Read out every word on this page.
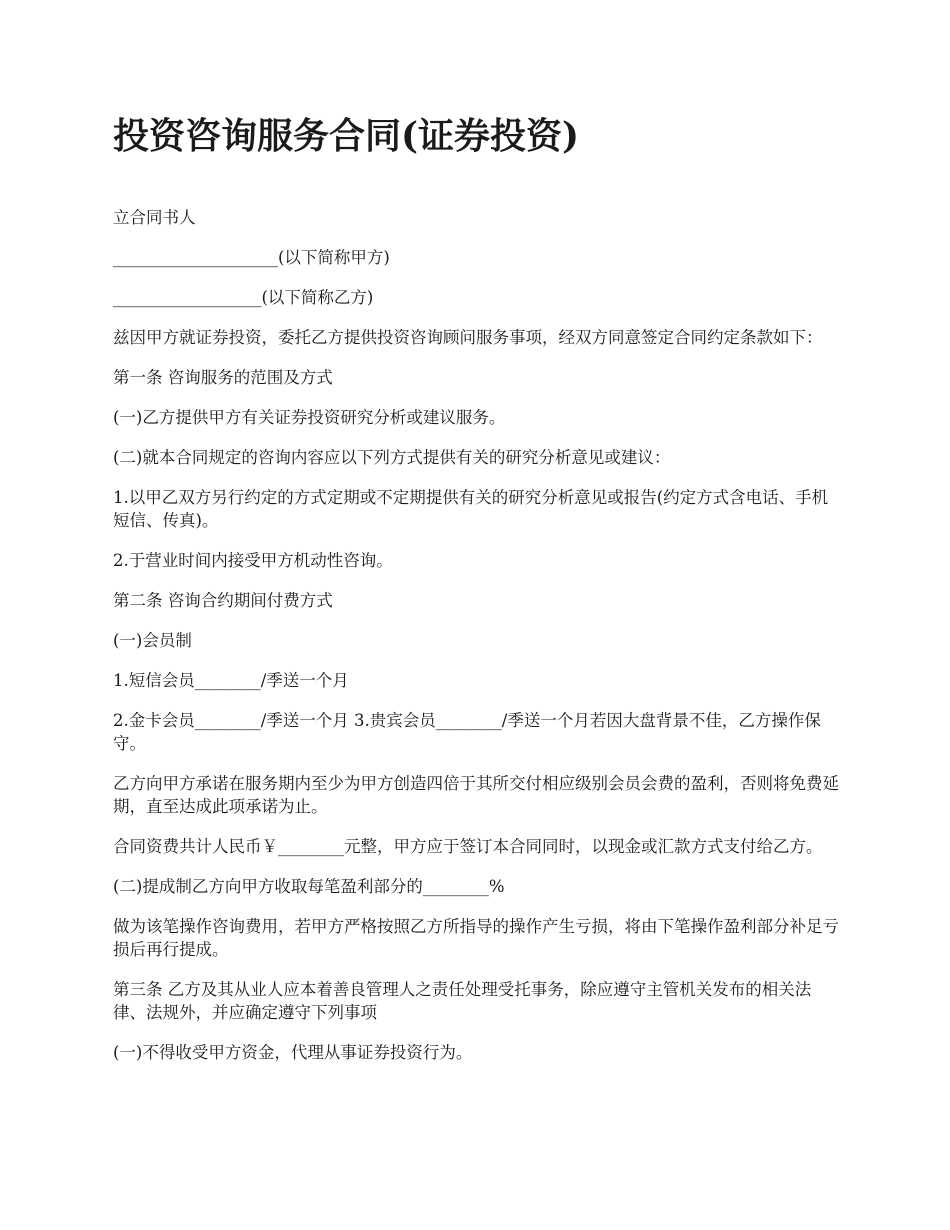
投资咨询服务合同(证券投资)

立合同书人

____________________(以下简称甲方)

__________________(以下简称乙方)

兹因甲方就证券投资，委托乙方提供投资咨询顾问服务事项，经双方同意签定合同约定条款如下：

第一条 咨询服务的范围及方式

(一)乙方提供甲方有关证券投资研究分析或建议服务。

(二)就本合同规定的咨询内容应以下列方式提供有关的研究分析意见或建议：

1.以甲乙双方另行约定的方式定期或不定期提供有关的研究分析意见或报告(约定方式含电话、手机短信、传真)。

2.于营业时间内接受甲方机动性咨询。

第二条 咨询合约期间付费方式

(一)会员制

1.短信会员________/季送一个月

2.金卡会员________/季送一个月 3.贵宾会员________/季送一个月若因大盘背景不佳，乙方操作保守。

乙方向甲方承诺在服务期内至少为甲方创造四倍于其所交付相应级别会员会费的盈利，否则将免费延期，直至达成此项承诺为止。

合同资费共计人民币￥________元整，甲方应于签订本合同同时，以现金或汇款方式支付给乙方。

(二)提成制乙方向甲方收取每笔盈利部分的________%

做为该笔操作咨询费用，若甲方严格按照乙方所指导的操作产生亏损，将由下笔操作盈利部分补足亏损后再行提成。

第三条 乙方及其从业人应本着善良管理人之责任处理受托事务，除应遵守主管机关发布的相关法律、法规外，并应确定遵守下列事项

(一)不得收受甲方资金，代理从事证券投资行为。
